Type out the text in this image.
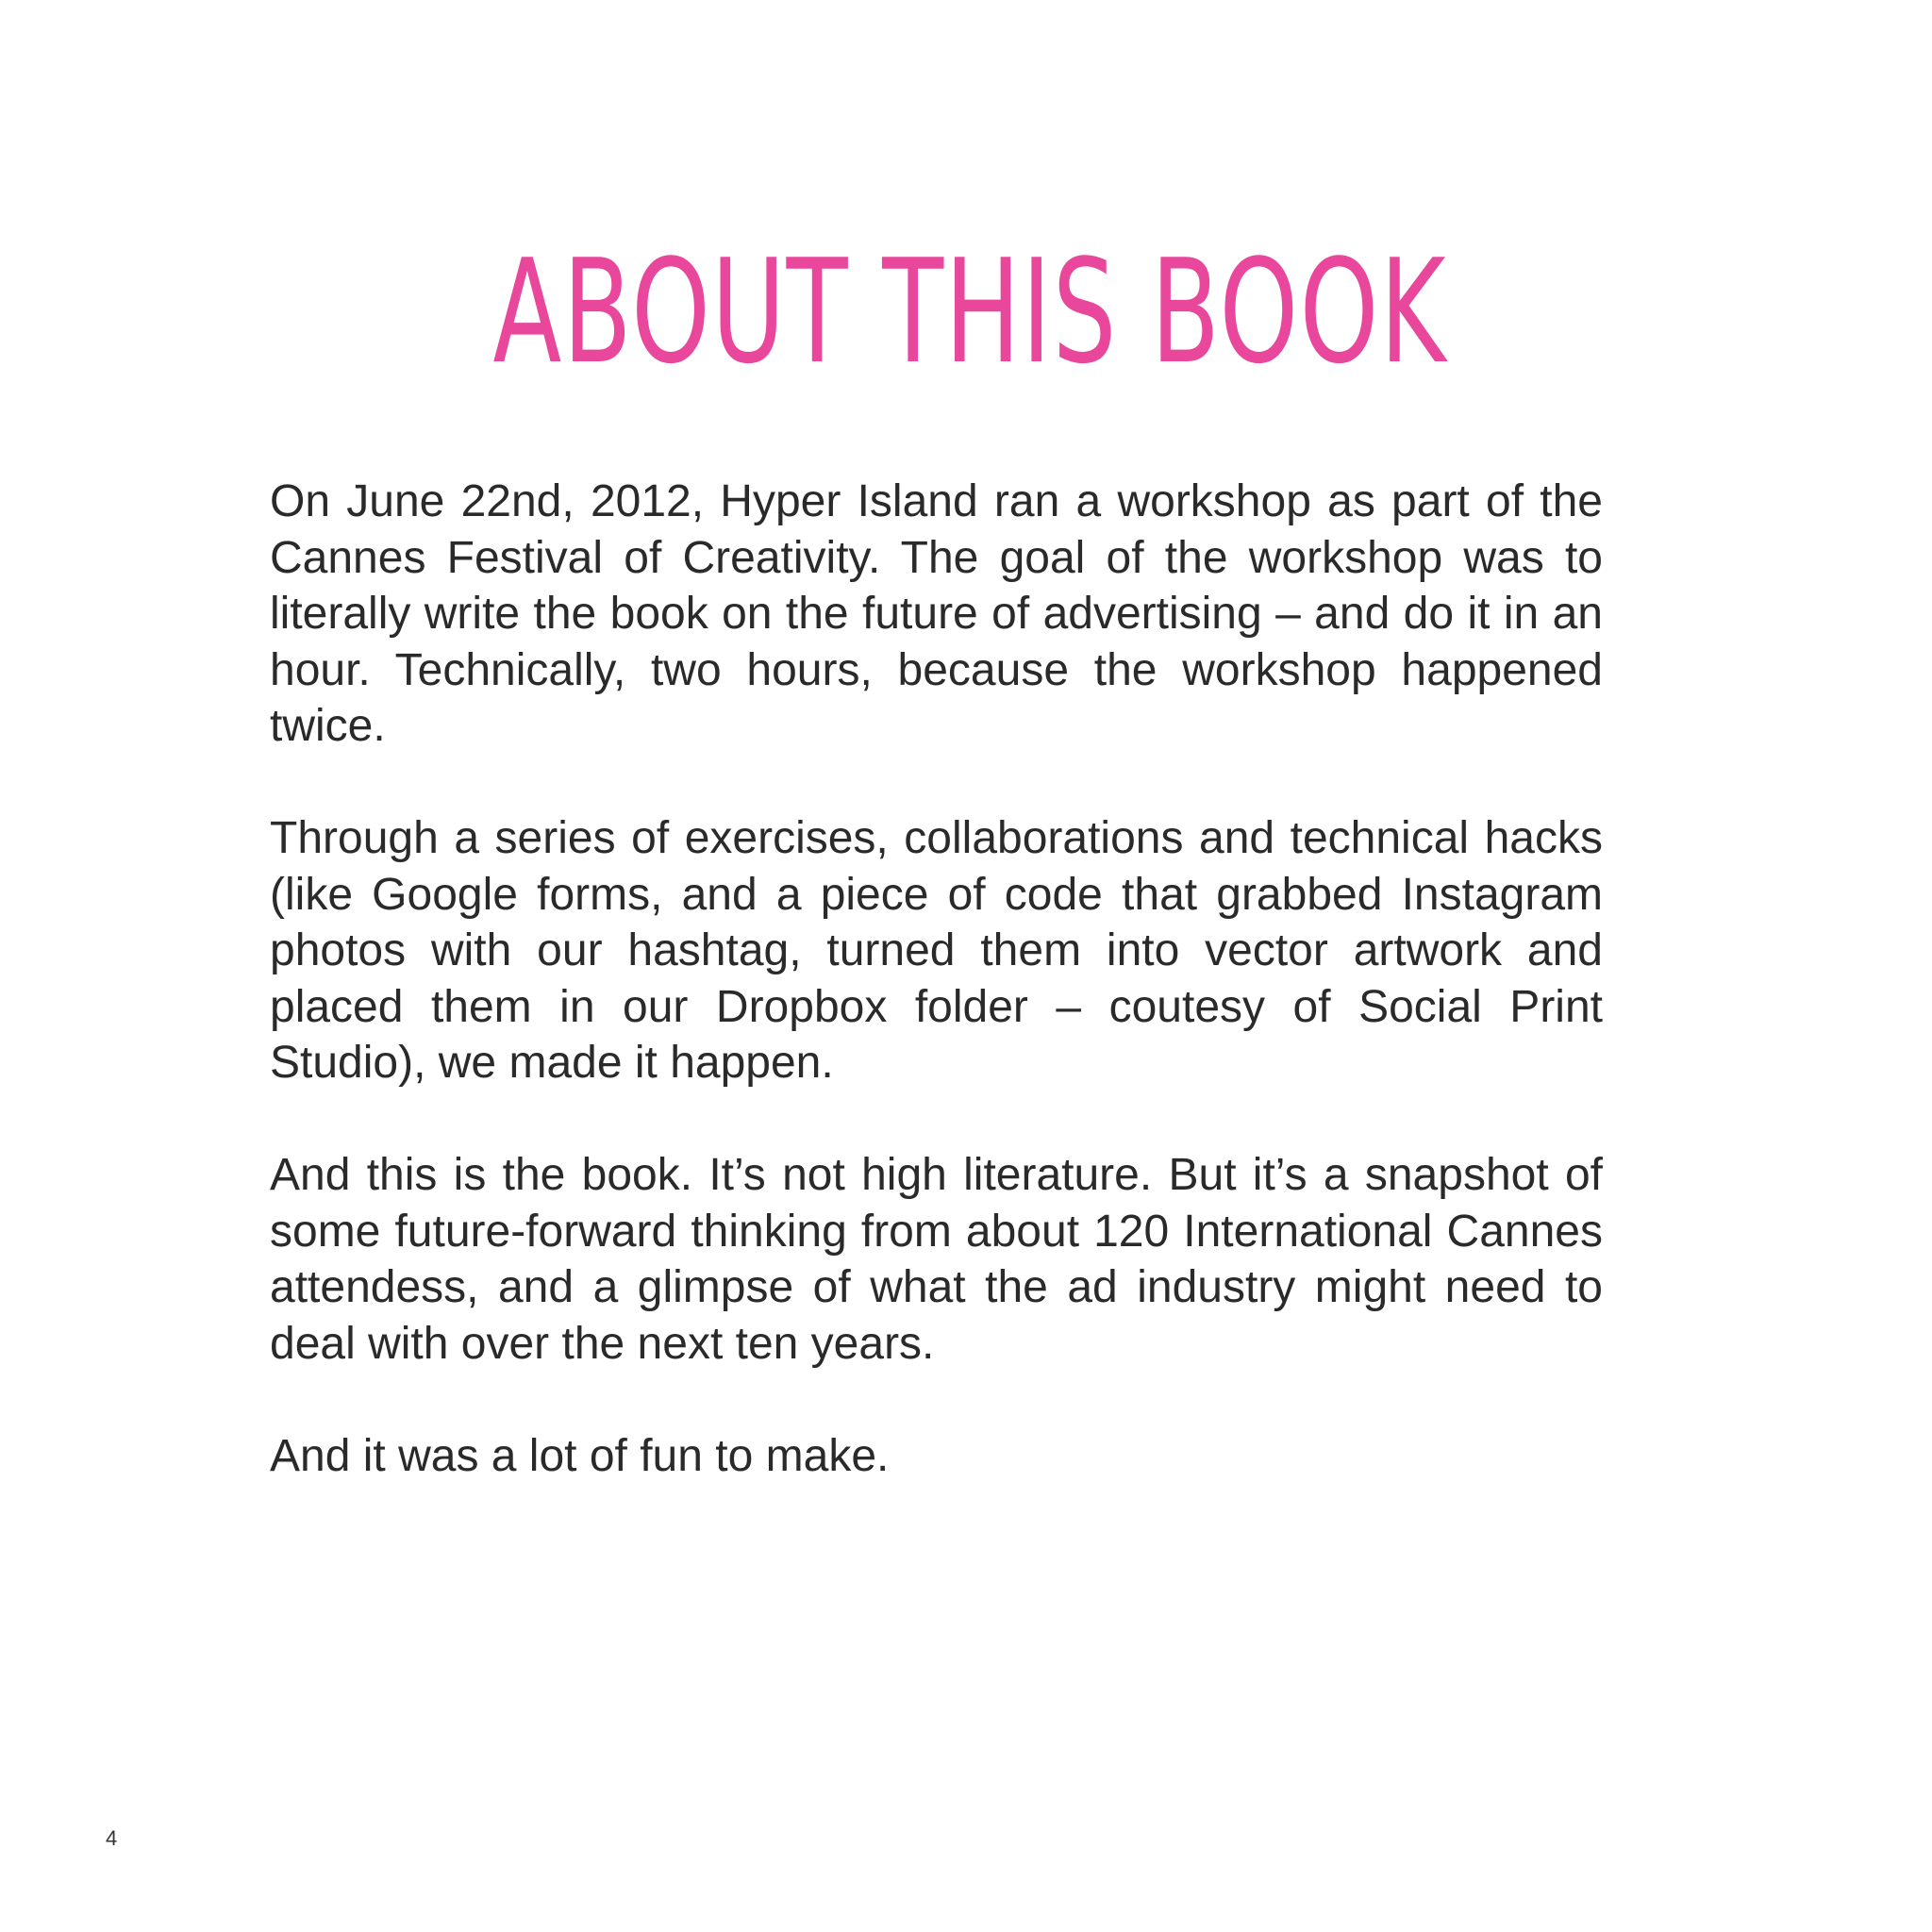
ABOUT THIS BOOK

On June 22nd, 2012, Hyper Island ran a workshop as part of the Cannes Festival of Creativity. The goal of the workshop was to literally write the book on the future of advertising – and do it in an hour. Technically, two hours, because the workshop happened twice.

Through a series of exercises, collaborations and technical hacks (like Google forms, and a piece of code that grabbed Instagram photos with our hashtag, turned them into vector artwork and placed them in our Dropbox folder – coutesy of Social Print Studio), we made it happen.

And this is the book. It’s not high literature. But it’s a snapshot of some future-forward thinking from about 120 International Cannes attendess, and a glimpse of what the ad industry might need to deal with over the next ten years.

And it was a lot of fun to make.

4
